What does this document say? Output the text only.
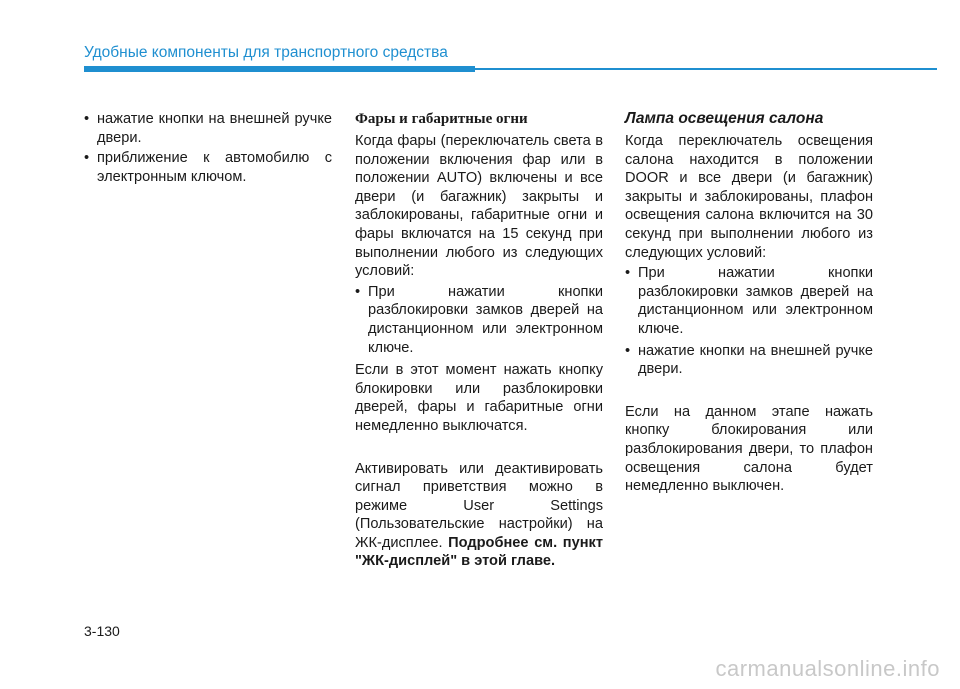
Удобные компоненты для транспортного средства
• нажатие кнопки на внешней ручке двери.
• приближение к автомобилю с электронным ключом.
Фары и габаритные огни

Когда фары (переключатель света в положении включения фар или в положении AUTO) включены и все двери (и багажник) закрыты и заблокированы, габаритные огни и фары включатся на 15 секунд при выполнении любого из следующих условий:

• При нажатии кнопки разблокировки замков дверей на дистанционном или электронном ключе.

Если в этот момент нажать кнопку блокировки или разблокировки дверей, фары и габаритные огни немедленно выключатся.

Активировать или деактивировать сигнал приветствия можно в режиме User Settings (Пользовательские настройки) на ЖК-дисплее. Подробнее см. пункт "ЖК-дисплей" в этой главе.

Лампа освещения салона

Когда переключатель освещения салона находится в положении DOOR и все двери (и багажник) закрыты и заблокированы, плафон освещения салона включится на 30 секунд при выполнении любого из следующих условий:

• При нажатии кнопки разблокировки замков дверей на дистанционном или электронном ключе.
• нажатие кнопки на внешней ручке двери.

Если на данном этапе нажать кнопку блокирования или разблокирования двери, то плафон освещения салона будет немедленно выключен.

3-130
carmanualsonline.info
